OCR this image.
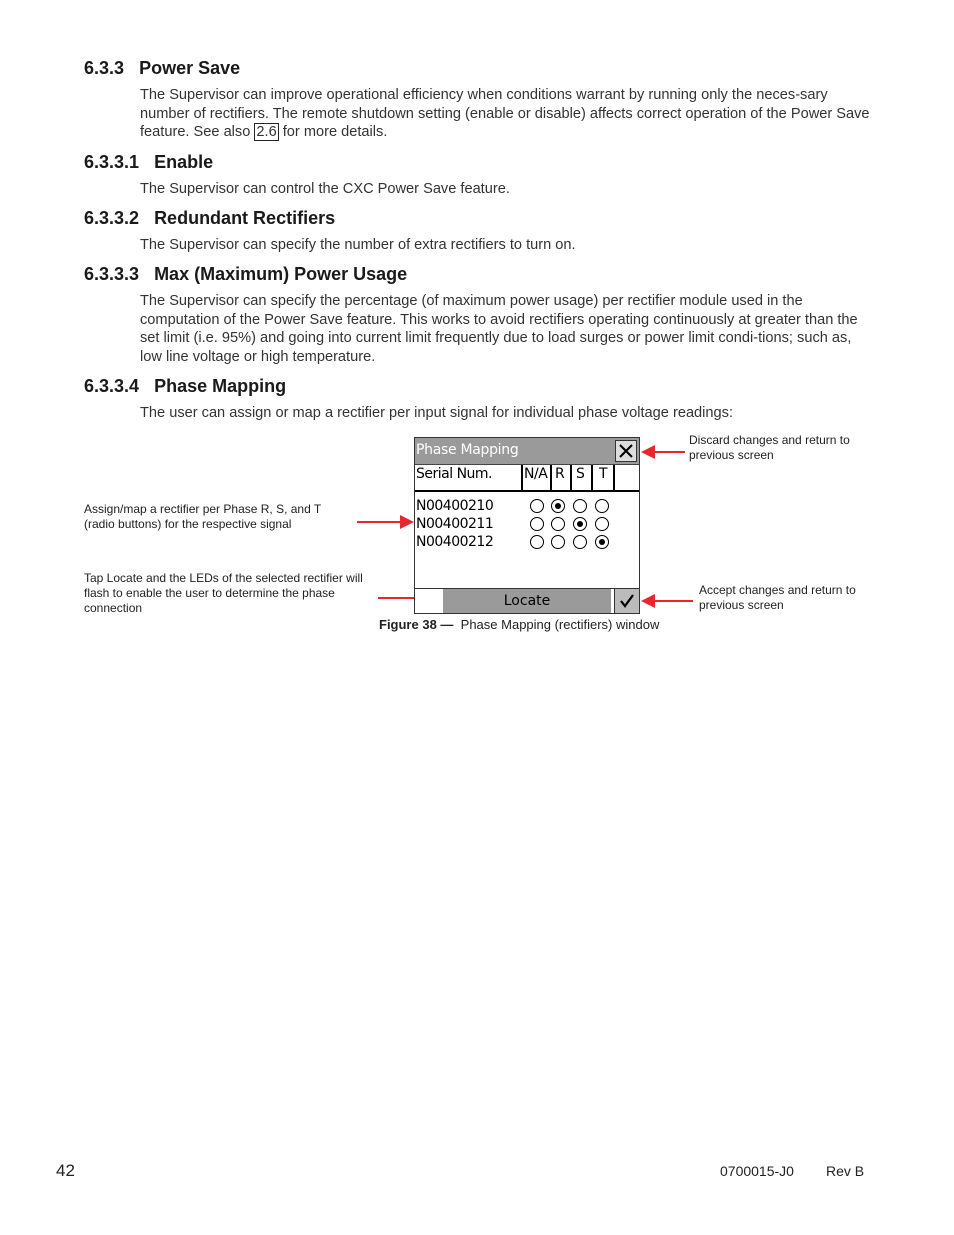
6.3.3 Power Save

The Supervisor can improve operational efficiency when conditions warrant by running only the neces-sary number of rectifiers. The remote shutdown setting (enable or disable) affects correct operation of the Power Save feature. See also 2.6 for more details.

6.3.3.1 Enable

The Supervisor can control the CXC Power Save feature.

6.3.3.2 Redundant Rectifiers

The Supervisor can specify the number of extra rectifiers to turn on.

6.3.3.3 Max (Maximum) Power Usage

The Supervisor can specify the percentage (of maximum power usage) per rectifier module used in the computation of the Power Save feature. This works to avoid rectifiers operating continuously at greater than the set limit (i.e. 95%) and going into current limit frequently due to load surges or power limit condi-tions; such as, low line voltage or high temperature.

6.3.3.4 Phase Mapping

The user can assign or map a rectifier per input signal for individual phase voltage readings:

Discard changes and return to previous screen
Assign/map a rectifier per Phase R, S, and T (radio buttons) for the respective signal
Tap Locate and the LEDs of the selected rectifier will flash to enable the user to determine the phase connection
Accept changes and return to previous screen
Phase Mapping
Serial Num. N/A R S T
N00400210
N00400211
N00400212
Locate
Figure 38 — Phase Mapping (rectifiers) window
42	0700015-J0 Rev B
